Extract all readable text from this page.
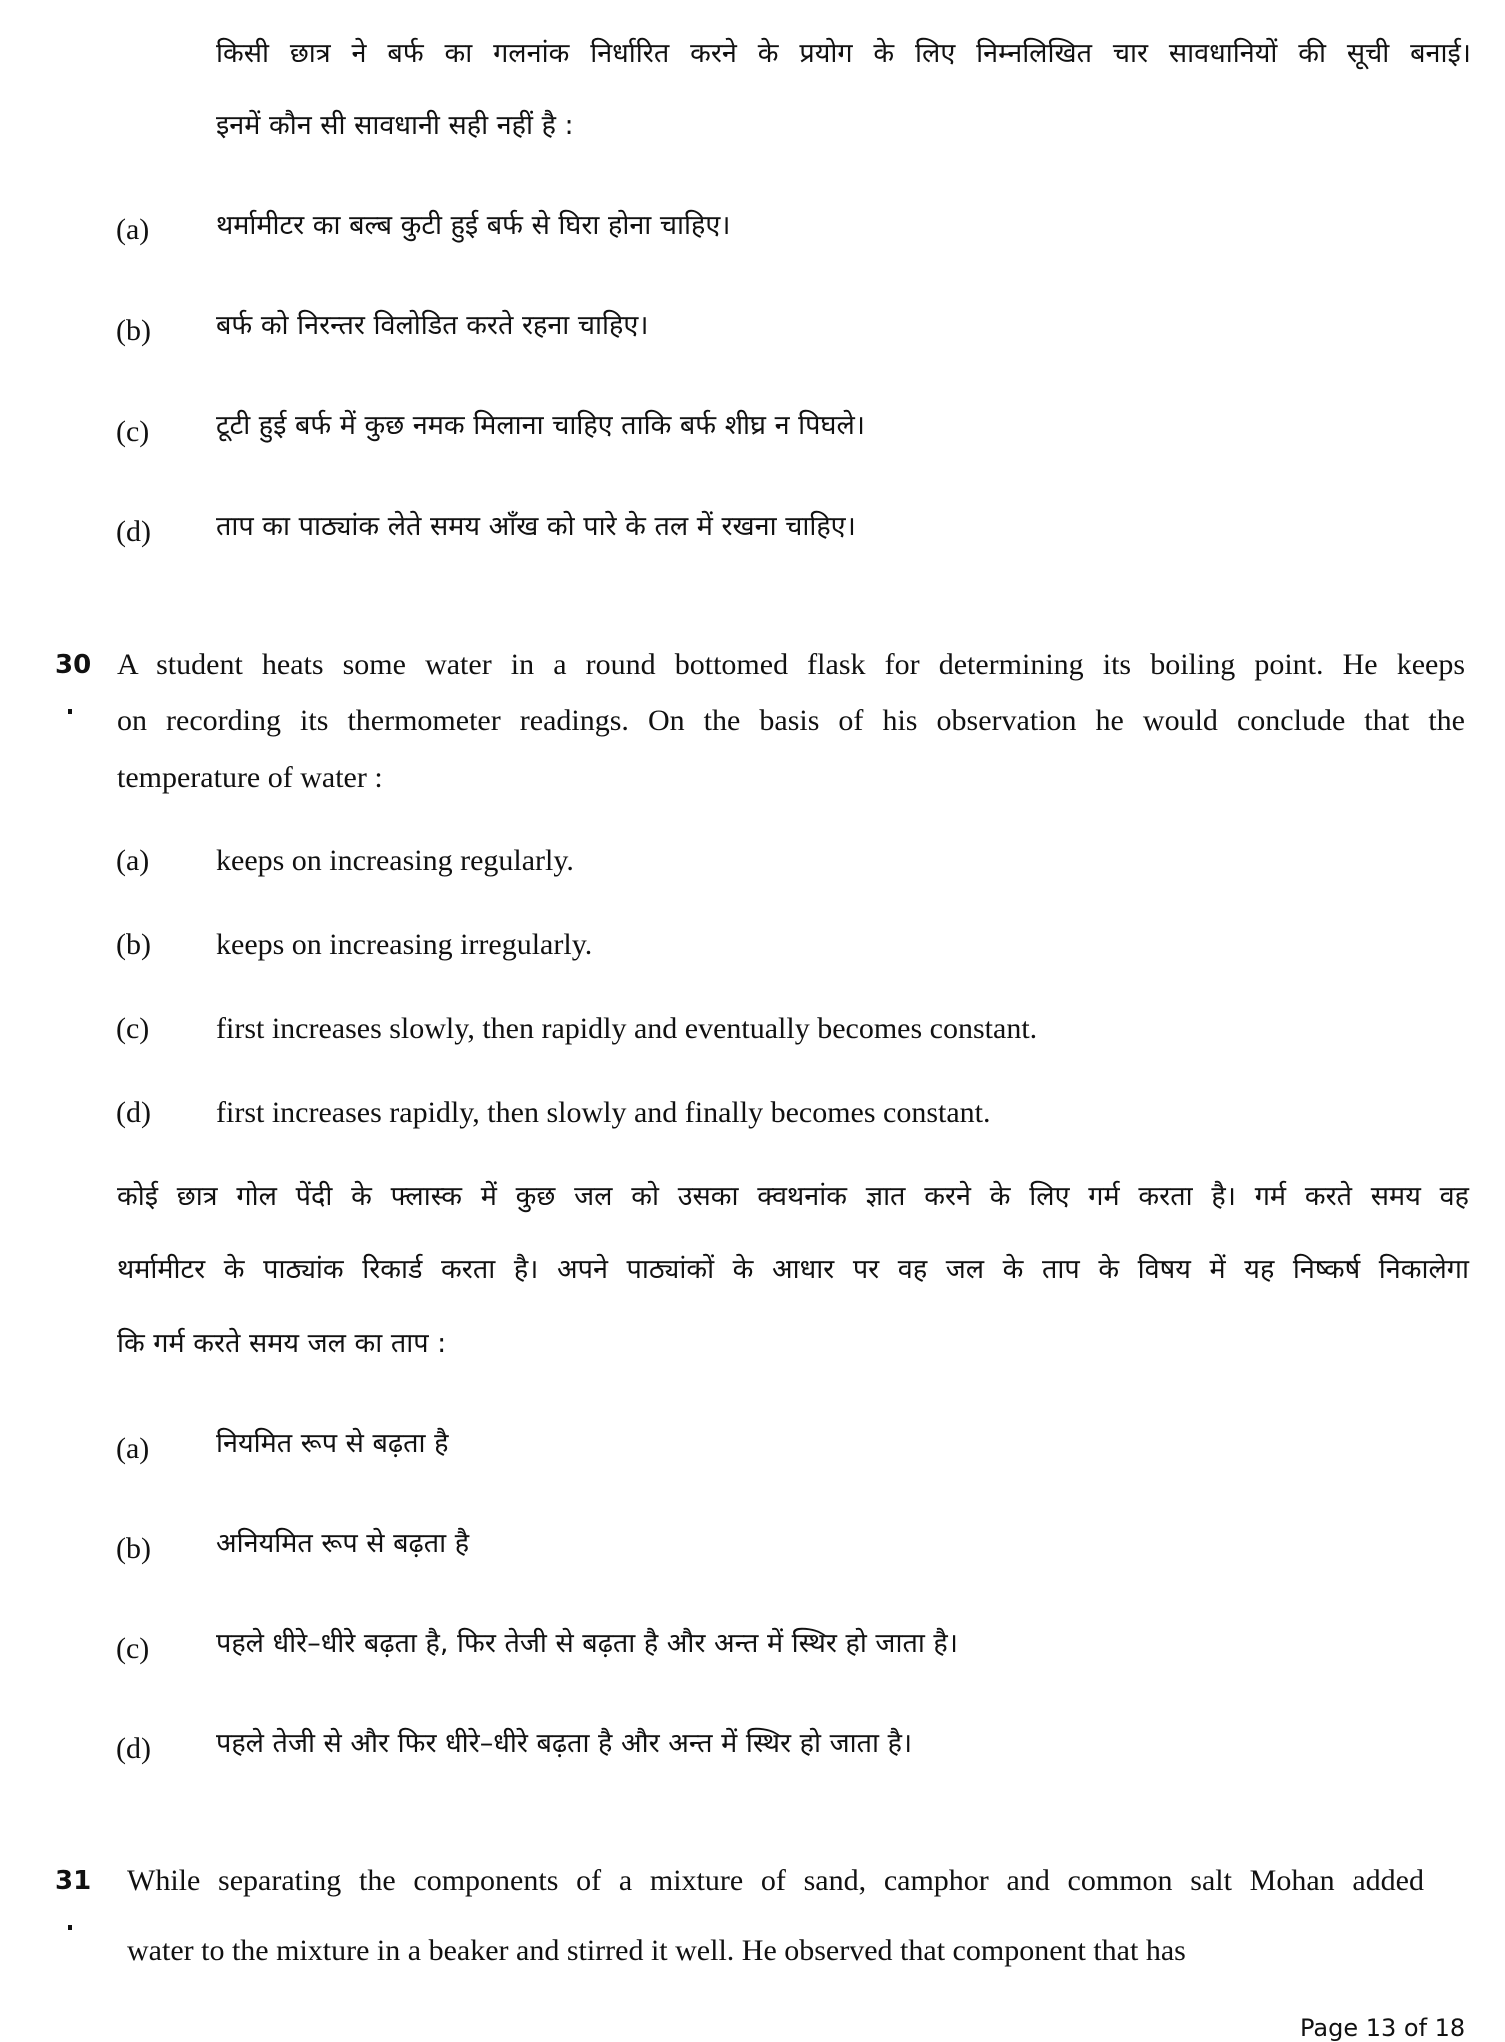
किसी छात्र ने बर्फ का गलनांक निर्धारित करने के प्रयोग के लिए निम्नलिखित चार सावधानियों की सूची बनाई।
इनमें कौन सी सावधानी सही नहीं है :
(a) थर्मामीटर का बल्ब कुटी हुई बर्फ से घिरा होना चाहिए।
(b) बर्फ को निरन्तर विलोडित करते रहना चाहिए।
(c) टूटी हुई बर्फ में कुछ नमक मिलाना चाहिए ताकि बर्फ शीघ्र न पिघले।
(d) ताप का पाठ्यांक लेते समय आँख को पारे के तल में रखना चाहिए।
30 A student heats some water in a round bottomed flask for determining its boiling point. He keeps
on recording its thermometer readings. On the basis of his observation he would conclude that the
temperature of water :
(a) keeps on increasing regularly.
(b) keeps on increasing irregularly.
(c) first increases slowly, then rapidly and eventually becomes constant.
(d) first increases rapidly, then slowly and finally becomes constant.
कोई छात्र गोल पेंदी के फ्लास्क में कुछ जल को उसका क्वथनांक ज्ञात करने के लिए गर्म करता है। गर्म करते समय वह
थर्मामीटर के पाठ्यांक रिकार्ड करता है। अपने पाठ्यांकों के आधार पर वह जल के ताप के विषय में यह निष्कर्ष निकालेगा
कि गर्म करते समय जल का ताप :
(a) नियमित रूप से बढ़ता है
(b) अनियमित रूप से बढ़ता है
(c) पहले धीरे–धीरे बढ़ता है, फिर तेजी से बढ़ता है और अन्त में स्थिर हो जाता है।
(d) पहले तेजी से और फिर धीरे–धीरे बढ़ता है और अन्त में स्थिर हो जाता है।
31 While separating the components of a mixture of sand, camphor and common salt Mohan added
water to the mixture in a beaker and stirred it well. He observed that component that has
Page 13 of 18
